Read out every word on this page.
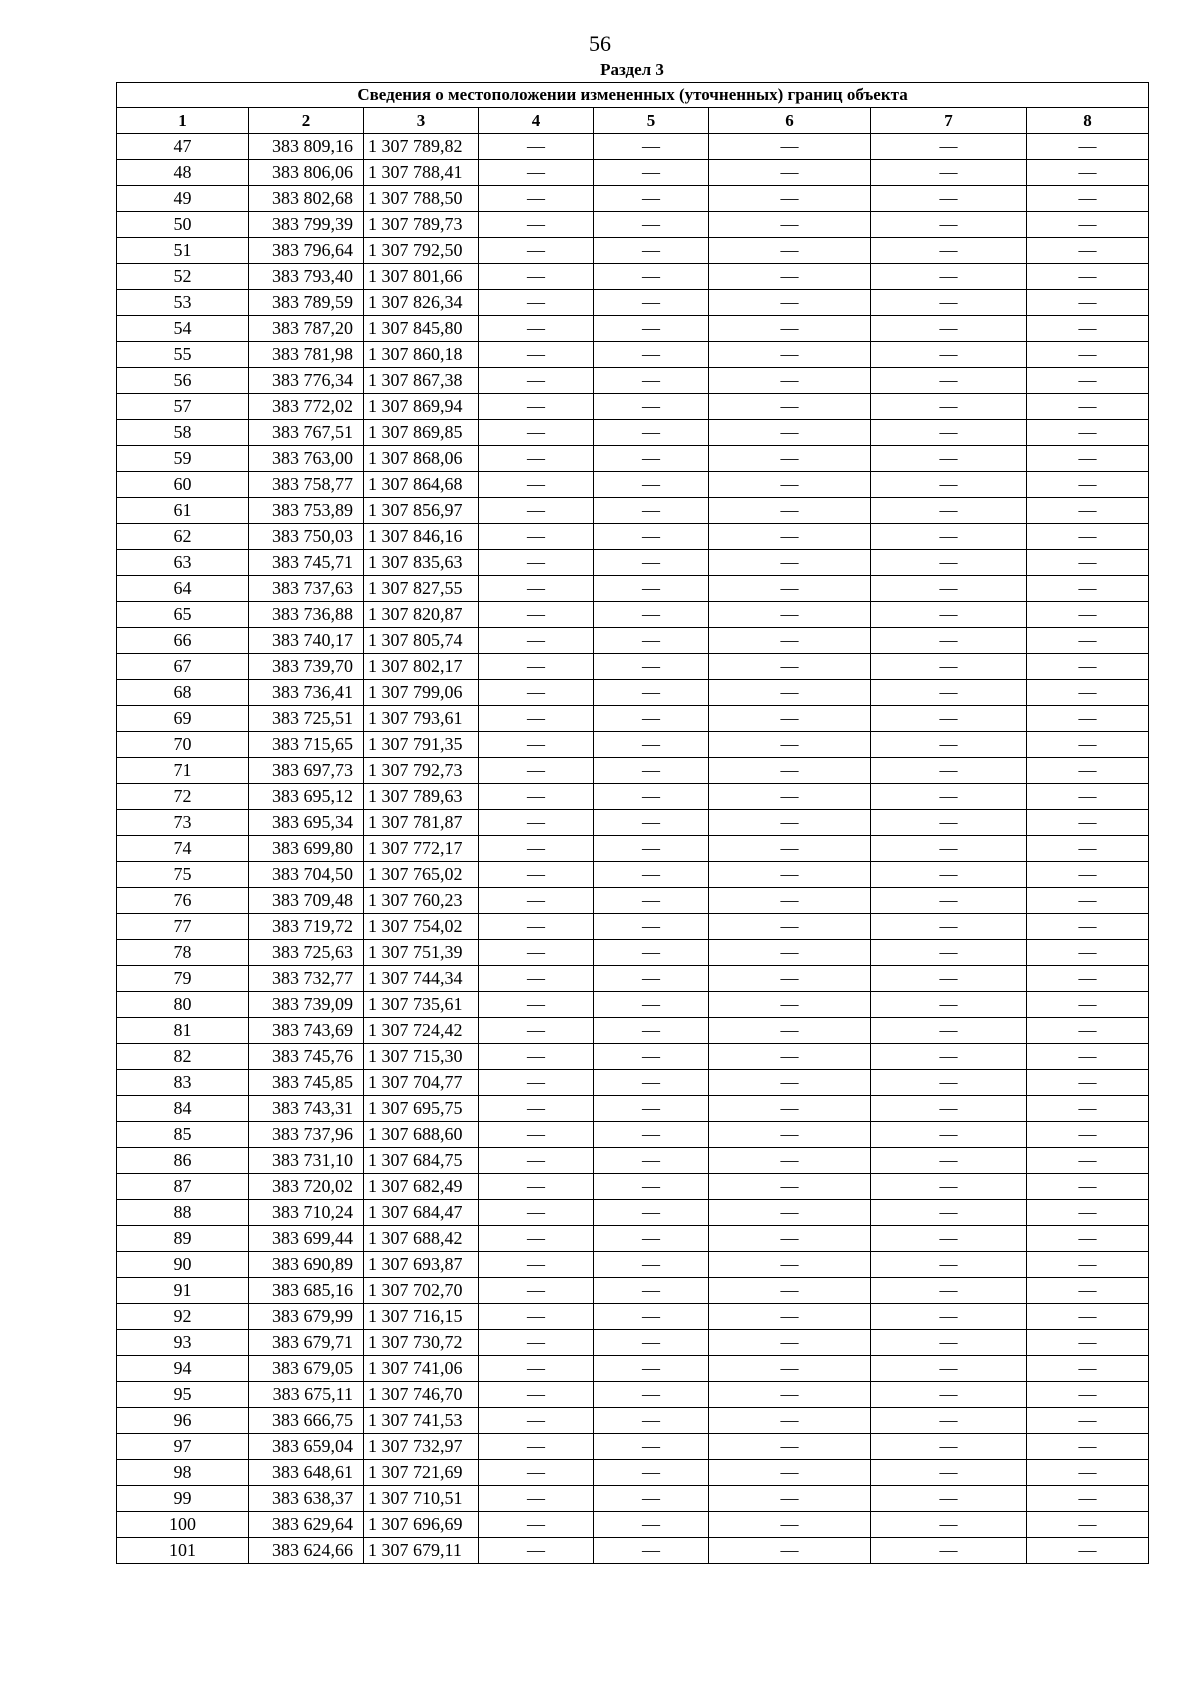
56
Раздел 3
Сведения о местоположении измененных (уточненных) границ объекта							
1	2	3	4	5	6	7	8
47	383 809,16	1 307 789,82	—	—	—	—	—
48	383 806,06	1 307 788,41	—	—	—	—	—
49	383 802,68	1 307 788,50	—	—	—	—	—
50	383 799,39	1 307 789,73	—	—	—	—	—
51	383 796,64	1 307 792,50	—	—	—	—	—
52	383 793,40	1 307 801,66	—	—	—	—	—
53	383 789,59	1 307 826,34	—	—	—	—	—
54	383 787,20	1 307 845,80	—	—	—	—	—
55	383 781,98	1 307 860,18	—	—	—	—	—
56	383 776,34	1 307 867,38	—	—	—	—	—
57	383 772,02	1 307 869,94	—	—	—	—	—
58	383 767,51	1 307 869,85	—	—	—	—	—
59	383 763,00	1 307 868,06	—	—	—	—	—
60	383 758,77	1 307 864,68	—	—	—	—	—
61	383 753,89	1 307 856,97	—	—	—	—	—
62	383 750,03	1 307 846,16	—	—	—	—	—
63	383 745,71	1 307 835,63	—	—	—	—	—
64	383 737,63	1 307 827,55	—	—	—	—	—
65	383 736,88	1 307 820,87	—	—	—	—	—
66	383 740,17	1 307 805,74	—	—	—	—	—
67	383 739,70	1 307 802,17	—	—	—	—	—
68	383 736,41	1 307 799,06	—	—	—	—	—
69	383 725,51	1 307 793,61	—	—	—	—	—
70	383 715,65	1 307 791,35	—	—	—	—	—
71	383 697,73	1 307 792,73	—	—	—	—	—
72	383 695,12	1 307 789,63	—	—	—	—	—
73	383 695,34	1 307 781,87	—	—	—	—	—
74	383 699,80	1 307 772,17	—	—	—	—	—
75	383 704,50	1 307 765,02	—	—	—	—	—
76	383 709,48	1 307 760,23	—	—	—	—	—
77	383 719,72	1 307 754,02	—	—	—	—	—
78	383 725,63	1 307 751,39	—	—	—	—	—
79	383 732,77	1 307 744,34	—	—	—	—	—
80	383 739,09	1 307 735,61	—	—	—	—	—
81	383 743,69	1 307 724,42	—	—	—	—	—
82	383 745,76	1 307 715,30	—	—	—	—	—
83	383 745,85	1 307 704,77	—	—	—	—	—
84	383 743,31	1 307 695,75	—	—	—	—	—
85	383 737,96	1 307 688,60	—	—	—	—	—
86	383 731,10	1 307 684,75	—	—	—	—	—
87	383 720,02	1 307 682,49	—	—	—	—	—
88	383 710,24	1 307 684,47	—	—	—	—	—
89	383 699,44	1 307 688,42	—	—	—	—	—
90	383 690,89	1 307 693,87	—	—	—	—	—
91	383 685,16	1 307 702,70	—	—	—	—	—
92	383 679,99	1 307 716,15	—	—	—	—	—
93	383 679,71	1 307 730,72	—	—	—	—	—
94	383 679,05	1 307 741,06	—	—	—	—	—
95	383 675,11	1 307 746,70	—	—	—	—	—
96	383 666,75	1 307 741,53	—	—	—	—	—
97	383 659,04	1 307 732,97	—	—	—	—	—
98	383 648,61	1 307 721,69	—	—	—	—	—
99	383 638,37	1 307 710,51	—	—	—	—	—
100	383 629,64	1 307 696,69	—	—	—	—	—
101	383 624,66	1 307 679,11	—	—	—	—	—
